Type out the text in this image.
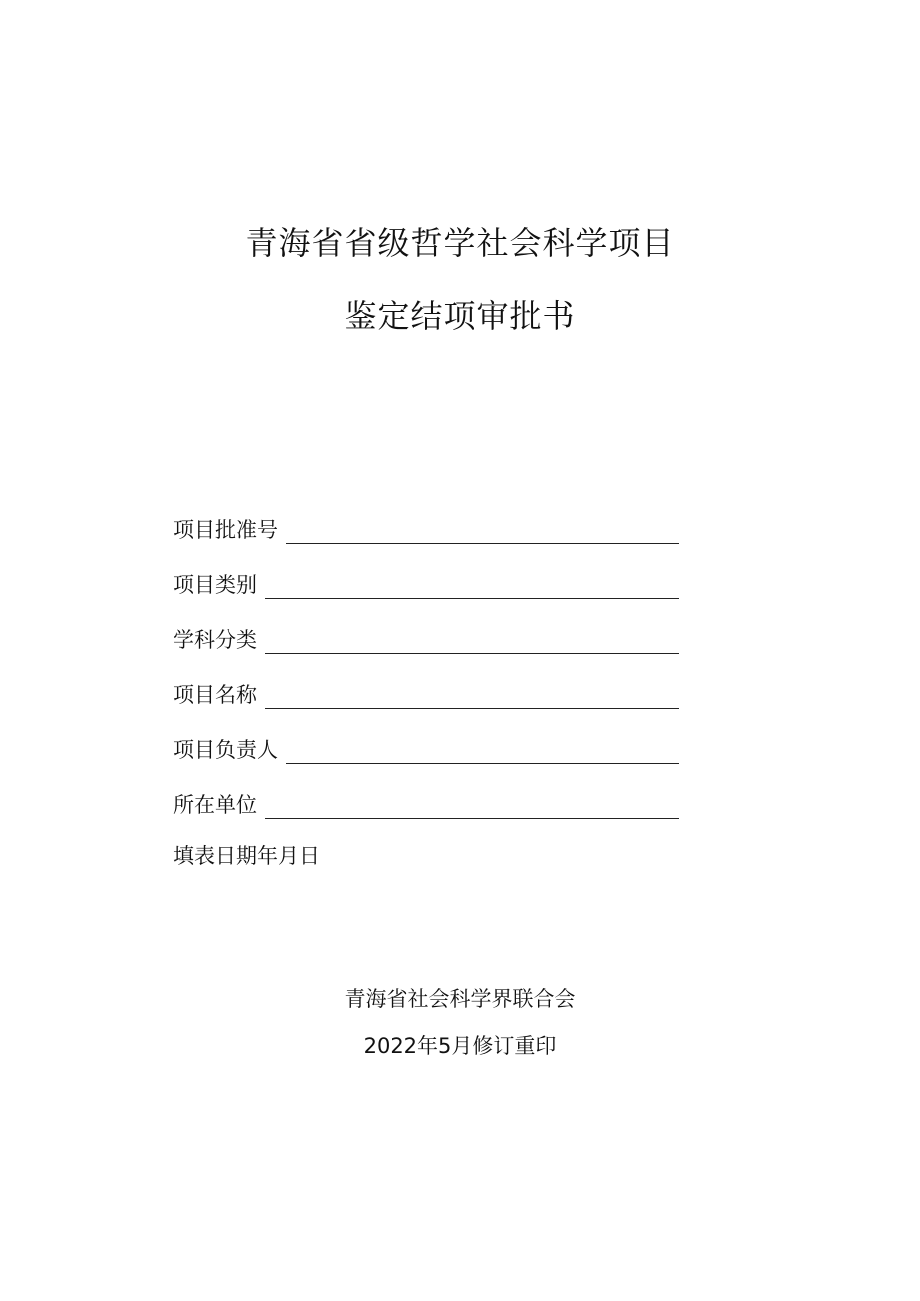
青海省省级哲学社会科学项目
鉴定结项审批书
项目批准号
项目类别
学科分类
项目名称
项目负责人
所在单位
填表日期年月日
青海省社会科学界联合会
2022年5月修订重印
